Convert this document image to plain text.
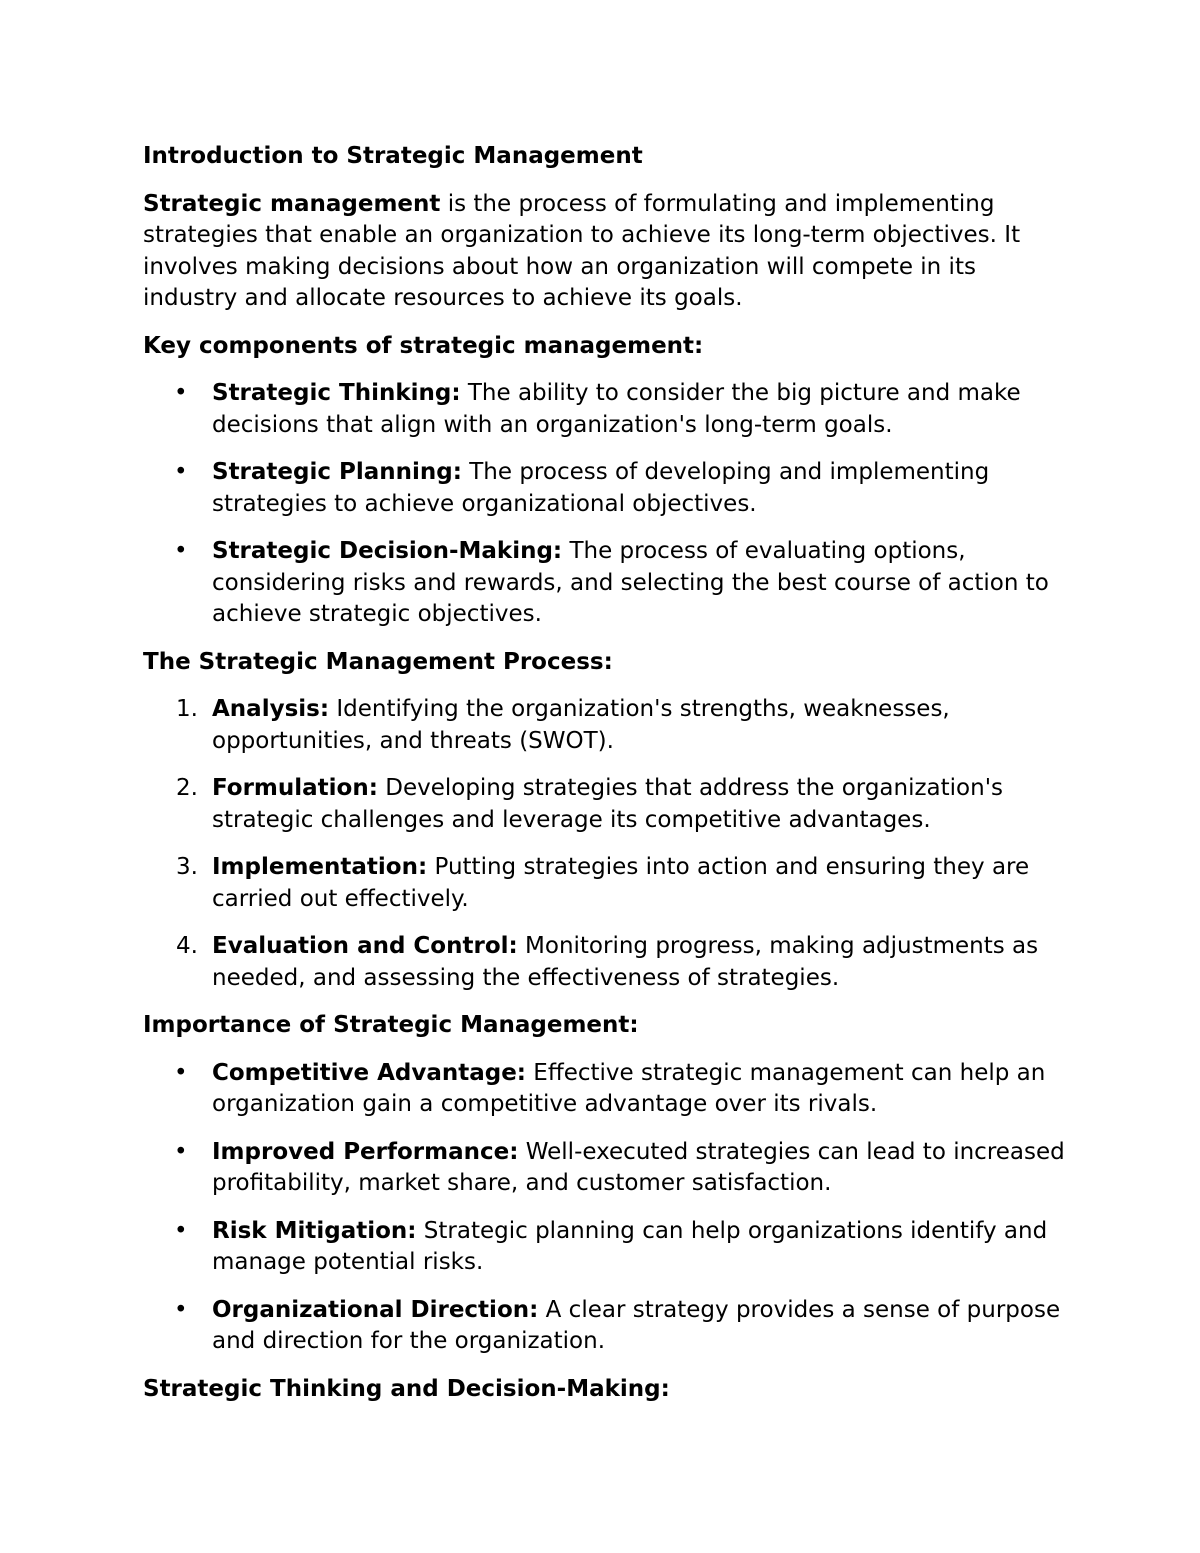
Introduction to Strategic Management

Strategic management is the process of formulating and implementing strategies that enable an organization to achieve its long-term objectives. It involves making decisions about how an organization will compete in its industry and allocate resources to achieve its goals.

Key components of strategic management:
• Strategic Thinking: The ability to consider the big picture and make decisions that align with an organization's long-term goals.
• Strategic Planning: The process of developing and implementing strategies to achieve organizational objectives.
• Strategic Decision-Making: The process of evaluating options, considering risks and rewards, and selecting the best course of action to achieve strategic objectives.
The Strategic Management Process:
1. Analysis: Identifying the organization's strengths, weaknesses, opportunities, and threats (SWOT).
2. Formulation: Developing strategies that address the organization's strategic challenges and leverage its competitive advantages.
3. Implementation: Putting strategies into action and ensuring they are carried out effectively.
4. Evaluation and Control: Monitoring progress, making adjustments as needed, and assessing the effectiveness of strategies.
Importance of Strategic Management:
• Competitive Advantage: Effective strategic management can help an organization gain a competitive advantage over its rivals.
• Improved Performance: Well-executed strategies can lead to increased profitability, market share, and customer satisfaction.
• Risk Mitigation: Strategic planning can help organizations identify and manage potential risks.
• Organizational Direction: A clear strategy provides a sense of purpose and direction for the organization.
Strategic Thinking and Decision-Making:
